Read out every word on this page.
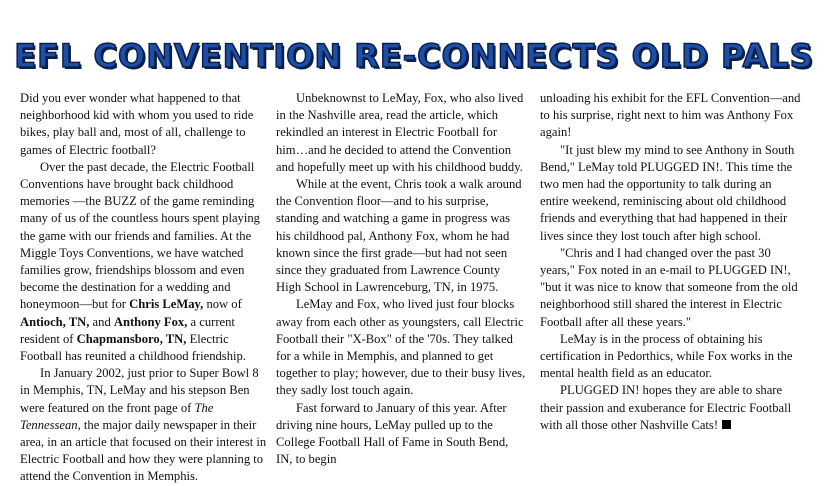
EFL CONVENTION RE-CONNECTS OLD PALS

Did you ever wonder what happened to that neighborhood kid with whom you used to ride bikes, play ball and, most of all, challenge to games of Electric football?

Over the past decade, the Electric Football Conventions have brought back childhood memories —the BUZZ of the game reminding many of us of the countless hours spent playing the game with our friends and families. At the Miggle Toys Conventions, we have watched families grow, friendships blossom and even become the destination for a wedding and honeymoon—but for Chris LeMay, now of Antioch, TN, and Anthony Fox, a current resident of Chapmansboro, TN, Electric Football has reunited a childhood friendship.

In January 2002, just prior to Super Bowl 8 in Memphis, TN, LeMay and his stepson Ben were featured on the front page of The Tennessean, the major daily newspaper in their area, in an article that focused on their interest in Electric Football and how they were planning to attend the Convention in Memphis.

Unbeknownst to LeMay, Fox, who also lived in the Nashville area, read the article, which rekindled an interest in Electric Football for him…and he decided to attend the Convention and hopefully meet up with his childhood buddy.

While at the event, Chris took a walk around the Convention floor—and to his surprise, standing and watching a game in progress was his childhood pal, Anthony Fox, whom he had known since the first grade—but had not seen since they graduated from Lawrence County High School in Lawrenceburg, TN, in 1975.

LeMay and Fox, who lived just four blocks away from each other as youngsters, call Electric Football their "X-Box" of the '70s. They talked for a while in Memphis, and planned to get together to play; however, due to their busy lives, they sadly lost touch again.

Fast forward to January of this year. After driving nine hours, LeMay pulled up to the College Football Hall of Fame in South Bend, IN, to begin

unloading his exhibit for the EFL Convention—and to his surprise, right next to him was Anthony Fox again!

"It just blew my mind to see Anthony in South Bend," LeMay told PLUGGED IN!. This time the two men had the opportunity to talk during an entire weekend, reminiscing about old childhood friends and everything that had happened in their lives since they lost touch after high school.

"Chris and I had changed over the past 30 years," Fox noted in an e-mail to PLUGGED IN!, "but it was nice to know that someone from the old neighborhood still shared the interest in Electric Football after all these years."

LeMay is in the process of obtaining his certification in Pedorthics, while Fox works in the mental health field as an educator.

PLUGGED IN! hopes they are able to share their passion and exuberance for Electric Football with all those other Nashville Cats!
